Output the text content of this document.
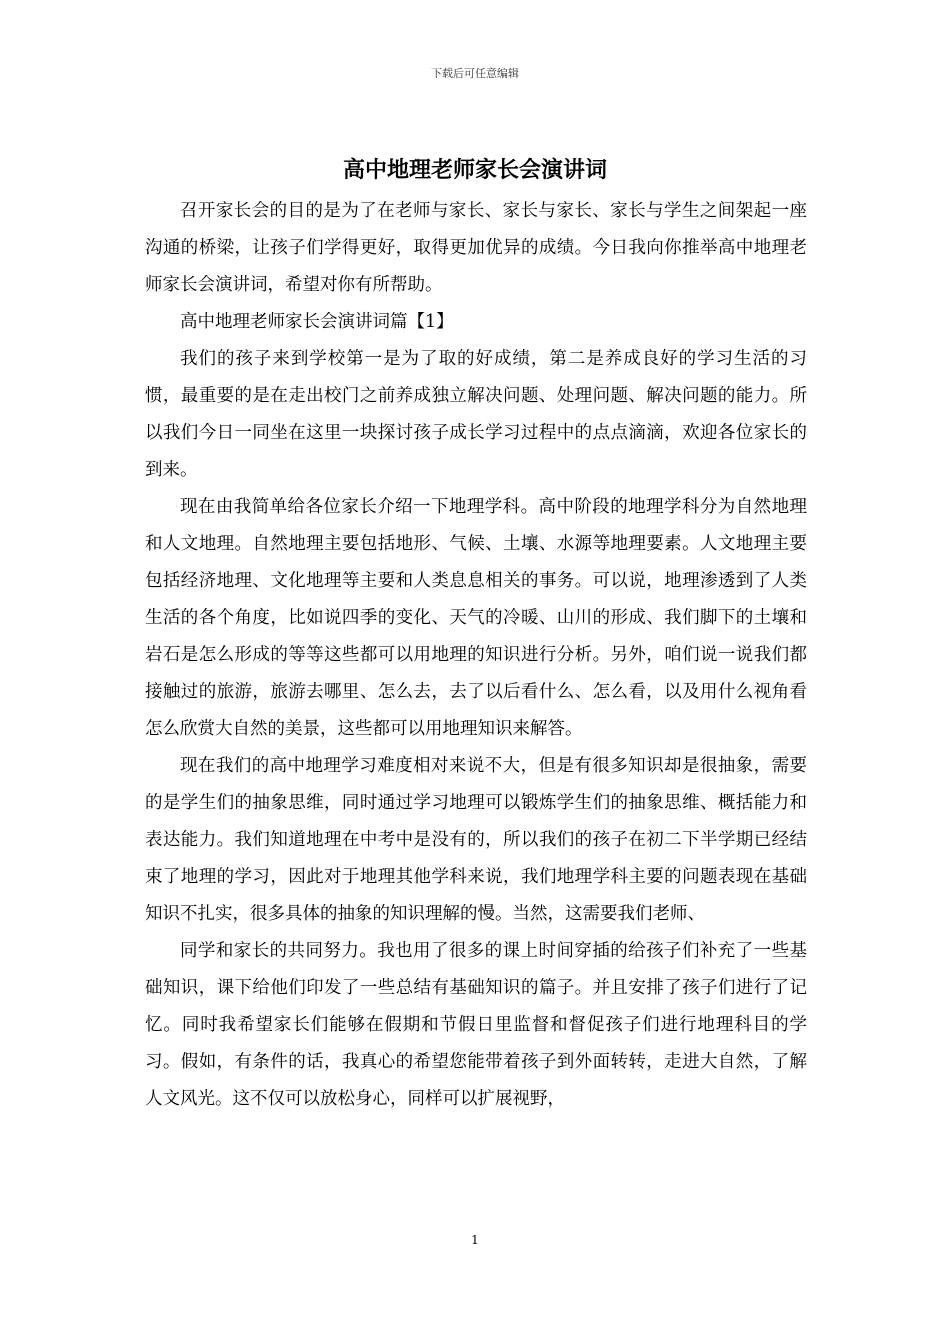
下载后可任意编辑
高中地理老师家长会演讲词

召开家长会的目的是为了在老师与家长、家长与家长、家长与学生之间架起一座沟通的桥梁，让孩子们学得更好，取得更加优异的成绩。今日我向你推举高中地理老师家长会演讲词，希望对你有所帮助。

高中地理老师家长会演讲词篇【1】

我们的孩子来到学校第一是为了取的好成绩，第二是养成良好的学习生活的习惯，最重要的是在走出校门之前养成独立解决问题、处理问题、解决问题的能力。所以我们今日一同坐在这里一块探讨孩子成长学习过程中的点点滴滴，欢迎各位家长的到来。

现在由我简单给各位家长介绍一下地理学科。高中阶段的地理学科分为自然地理和人文地理。自然地理主要包括地形、气候、土壤、水源等地理要素。人文地理主要包括经济地理、文化地理等主要和人类息息相关的事务。可以说，地理渗透到了人类生活的各个角度，比如说四季的变化、天气的冷暖、山川的形成、我们脚下的土壤和岩石是怎么形成的等等这些都可以用地理的知识进行分析。另外，咱们说一说我们都接触过的旅游，旅游去哪里、怎么去，去了以后看什么、怎么看，以及用什么视角看怎么欣赏大自然的美景，这些都可以用地理知识来解答。

现在我们的高中地理学习难度相对来说不大，但是有很多知识却是很抽象，需要的是学生们的抽象思维，同时通过学习地理可以锻炼学生们的抽象思维、概括能力和表达能力。我们知道地理在中考中是没有的，所以我们的孩子在初二下半学期已经结束了地理的学习，因此对于地理其他学科来说，我们地理学科主要的问题表现在基础知识不扎实，很多具体的抽象的知识理解的慢。当然，这需要我们老师、

同学和家长的共同努力。我也用了很多的课上时间穿插的给孩子们补充了一些基础知识，课下给他们印发了一些总结有基础知识的篇子。并且安排了孩子们进行了记忆。同时我希望家长们能够在假期和节假日里监督和督促孩子们进行地理科目的学习。假如，有条件的话，我真心的希望您能带着孩子到外面转转，走进大自然，了解人文风光。这不仅可以放松身心，同样可以扩展视野，

1
